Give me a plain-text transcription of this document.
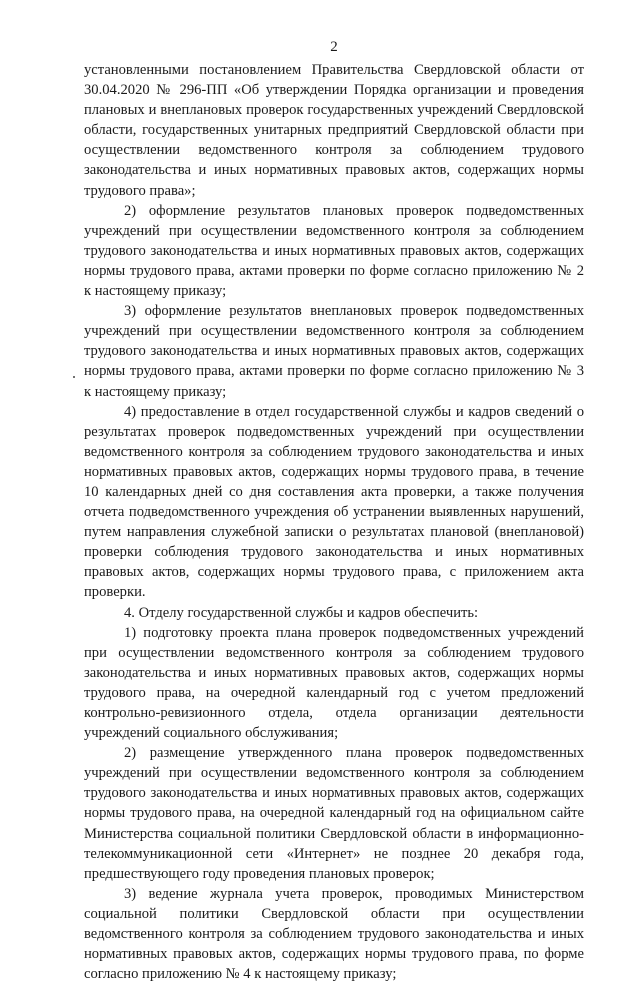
2

установленными постановлением Правительства Свердловской области от 30.04.2020 № 296-ПП «Об утверждении Порядка организации и проведения плановых и внеплановых проверок государственных учреждений Свердловской области, государственных унитарных предприятий Свердловской области при осуществлении ведомственного контроля за соблюдением трудового законодательства и иных нормативных правовых актов, содержащих нормы трудового права»;

2) оформление результатов плановых проверок подведомственных учреждений при осуществлении ведомственного контроля за соблюдением трудового законодательства и иных нормативных правовых актов, содержащих нормы трудового права, актами проверки по форме согласно приложению № 2 к настоящему приказу;

3) оформление результатов внеплановых проверок подведомственных учреждений при осуществлении ведомственного контроля за соблюдением трудового законодательства и иных нормативных правовых актов, содержащих нормы трудового права, актами проверки по форме согласно приложению № 3 к настоящему приказу;

4) предоставление в отдел государственной службы и кадров сведений о результатах проверок подведомственных учреждений при осуществлении ведомственного контроля за соблюдением трудового законодательства и иных нормативных правовых актов, содержащих нормы трудового права, в течение 10 календарных дней со дня составления акта проверки, а также получения отчета подведомственного учреждения об устранении выявленных нарушений, путем направления служебной записки о результатах плановой (внеплановой) проверки соблюдения трудового законодательства и иных нормативных правовых актов, содержащих нормы трудового права, с приложением акта проверки.

4. Отделу государственной службы и кадров обеспечить:

1) подготовку проекта плана проверок подведомственных учреждений при осуществлении ведомственного контроля за соблюдением трудового законодательства и иных нормативных правовых актов, содержащих нормы трудового права, на очередной календарный год с учетом предложений контрольно-ревизионного отдела, отдела организации деятельности учреждений социального обслуживания;

2) размещение утвержденного плана проверок подведомственных учреждений при осуществлении ведомственного контроля за соблюдением трудового законодательства и иных нормативных правовых актов, содержащих нормы трудового права, на очередной календарный год на официальном сайте Министерства социальной политики Свердловской области в информационно-телекоммуникационной сети «Интернет» не позднее 20 декабря года, предшествующего году проведения плановых проверок;

3) ведение журнала учета проверок, проводимых Министерством социальной политики Свердловской области при осуществлении ведомственного контроля за соблюдением трудового законодательства и иных нормативных правовых актов, содержащих нормы трудового права, по форме согласно приложению № 4 к настоящему приказу;
